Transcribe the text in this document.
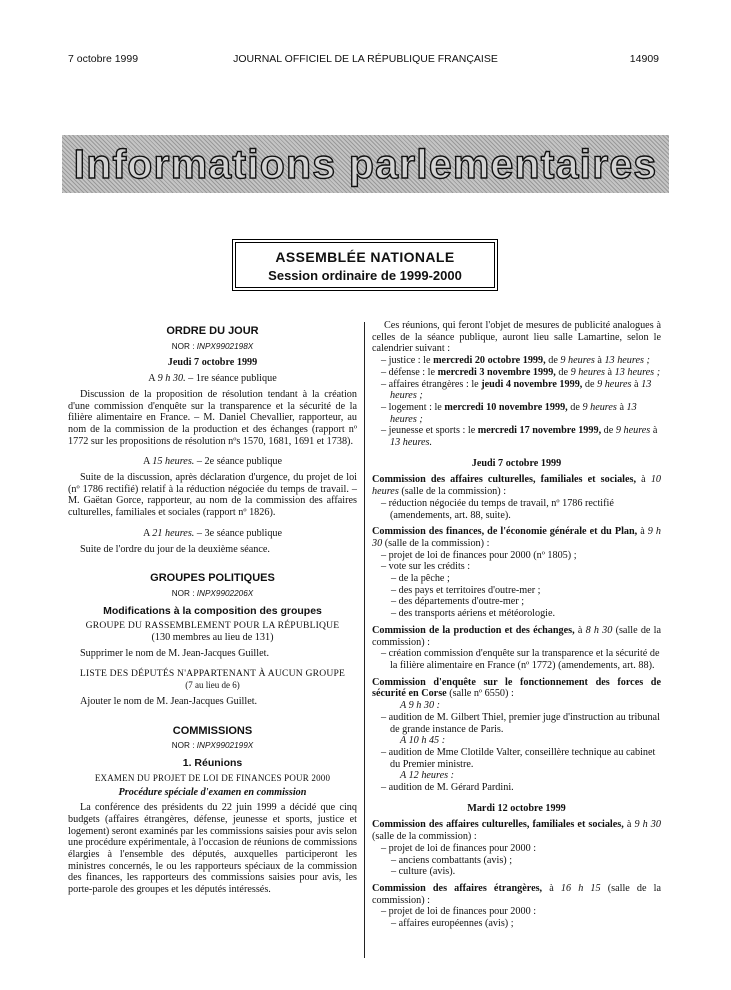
7 octobre 1999	JOURNAL OFFICIEL DE LA RÉPUBLIQUE FRANÇAISE	14909
Informations parlementaires
ASSEMBLÉE NATIONALE
Session ordinaire de 1999-2000
ORDRE DU JOUR
NOR : INPX9902198X
Jeudi 7 octobre 1999
A 9 h 30. – 1re séance publique

Discussion de la proposition de résolution tendant à la création d'une commission d'enquête sur la transparence et la sécurité de la filière alimentaire en France. – M. Daniel Chevallier, rapporteur, au nom de la commission de la production et des échanges (rapport nº 1772 sur les propositions de résolution nºs 1570, 1681, 1691 et 1738).

A 15 heures. – 2e séance publique

Suite de la discussion, après déclaration d'urgence, du projet de loi (nº 1786 rectifié) relatif à la réduction négociée du temps de travail. – M. Gaëtan Gorce, rapporteur, au nom de la commission des affaires culturelles, familiales et sociales (rapport nº 1826).

A 21 heures. – 3e séance publique

Suite de l'ordre du jour de la deuxième séance.

GROUPES POLITIQUES
NOR : INPX9902206X
Modifications à la composition des groupes
GROUPE DU RASSEMBLEMENT POUR LA RÉPUBLIQUE
(130 membres au lieu de 131)

Supprimer le nom de M. Jean-Jacques Guillet.

LISTE DES DÉPUTÉS N'APPARTENANT À AUCUN GROUPE
(7 au lieu de 6)

Ajouter le nom de M. Jean-Jacques Guillet.

COMMISSIONS
NOR : INPX9902199X
1. Réunions
EXAMEN DU PROJET DE LOI DE FINANCES POUR 2000
Procédure spéciale d'examen en commission

La conférence des présidents du 22 juin 1999 a décidé que cinq budgets (affaires étrangères, défense, jeunesse et sports, justice et logement) seront examinés par les commissions saisies pour avis selon une procédure expérimentale, à l'occasion de réunions de commissions élargies à l'ensemble des députés, auxquelles participeront les ministres concernés, le ou les rapporteurs spéciaux de la commission des finances, les rapporteurs des commissions saisies pour avis, les porte-parole des groupes et les députés intéressés.

Ces réunions, qui feront l'objet de mesures de publicité analogues à celles de la séance publique, auront lieu salle Lamartine, selon le calendrier suivant :

– justice : le mercredi 20 octobre 1999, de 9 heures à 13 heures ;

– défense : le mercredi 3 novembre 1999, de 9 heures à 13 heures ;

– affaires étrangères : le jeudi 4 novembre 1999, de 9 heures à 13 heures ;

– logement : le mercredi 10 novembre 1999, de 9 heures à 13 heures ;

– jeunesse et sports : le mercredi 17 novembre 1999, de 9 heures à 13 heures.

Jeudi 7 octobre 1999

Commission des affaires culturelles, familiales et sociales, à 10 heures (salle de la commission) :

– réduction négociée du temps de travail, nº 1786 rectifié (amendements, art. 88, suite).

Commission des finances, de l'économie générale et du Plan, à 9 h 30 (salle de la commission) :

– projet de loi de finances pour 2000 (nº 1805) ;

– vote sur les crédits :

– de la pêche ;

– des pays et territoires d'outre-mer ;

– des départements d'outre-mer ;

– des transports aériens et météorologie.

Commission de la production et des échanges, à 8 h 30 (salle de la commission) :

– création commission d'enquête sur la transparence et la sécurité de la filière alimentaire en France (nº 1772) (amendements, art. 88).

Commission d'enquête sur le fonctionnement des forces de sécurité en Corse (salle nº 6550) :

A 9 h 30 :

– audition de M. Gilbert Thiel, premier juge d'instruction au tribunal de grande instance de Paris.

A 10 h 45 :

– audition de Mme Clotilde Valter, conseillère technique au cabinet du Premier ministre.

A 12 heures :

– audition de M. Gérard Pardini.

Mardi 12 octobre 1999

Commission des affaires culturelles, familiales et sociales, à 9 h 30 (salle de la commission) :

– projet de loi de finances pour 2000 :

– anciens combattants (avis) ;

– culture (avis).

Commission des affaires étrangères, à 16 h 15 (salle de la commission) :

– projet de loi de finances pour 2000 :

– affaires européennes (avis) ;
